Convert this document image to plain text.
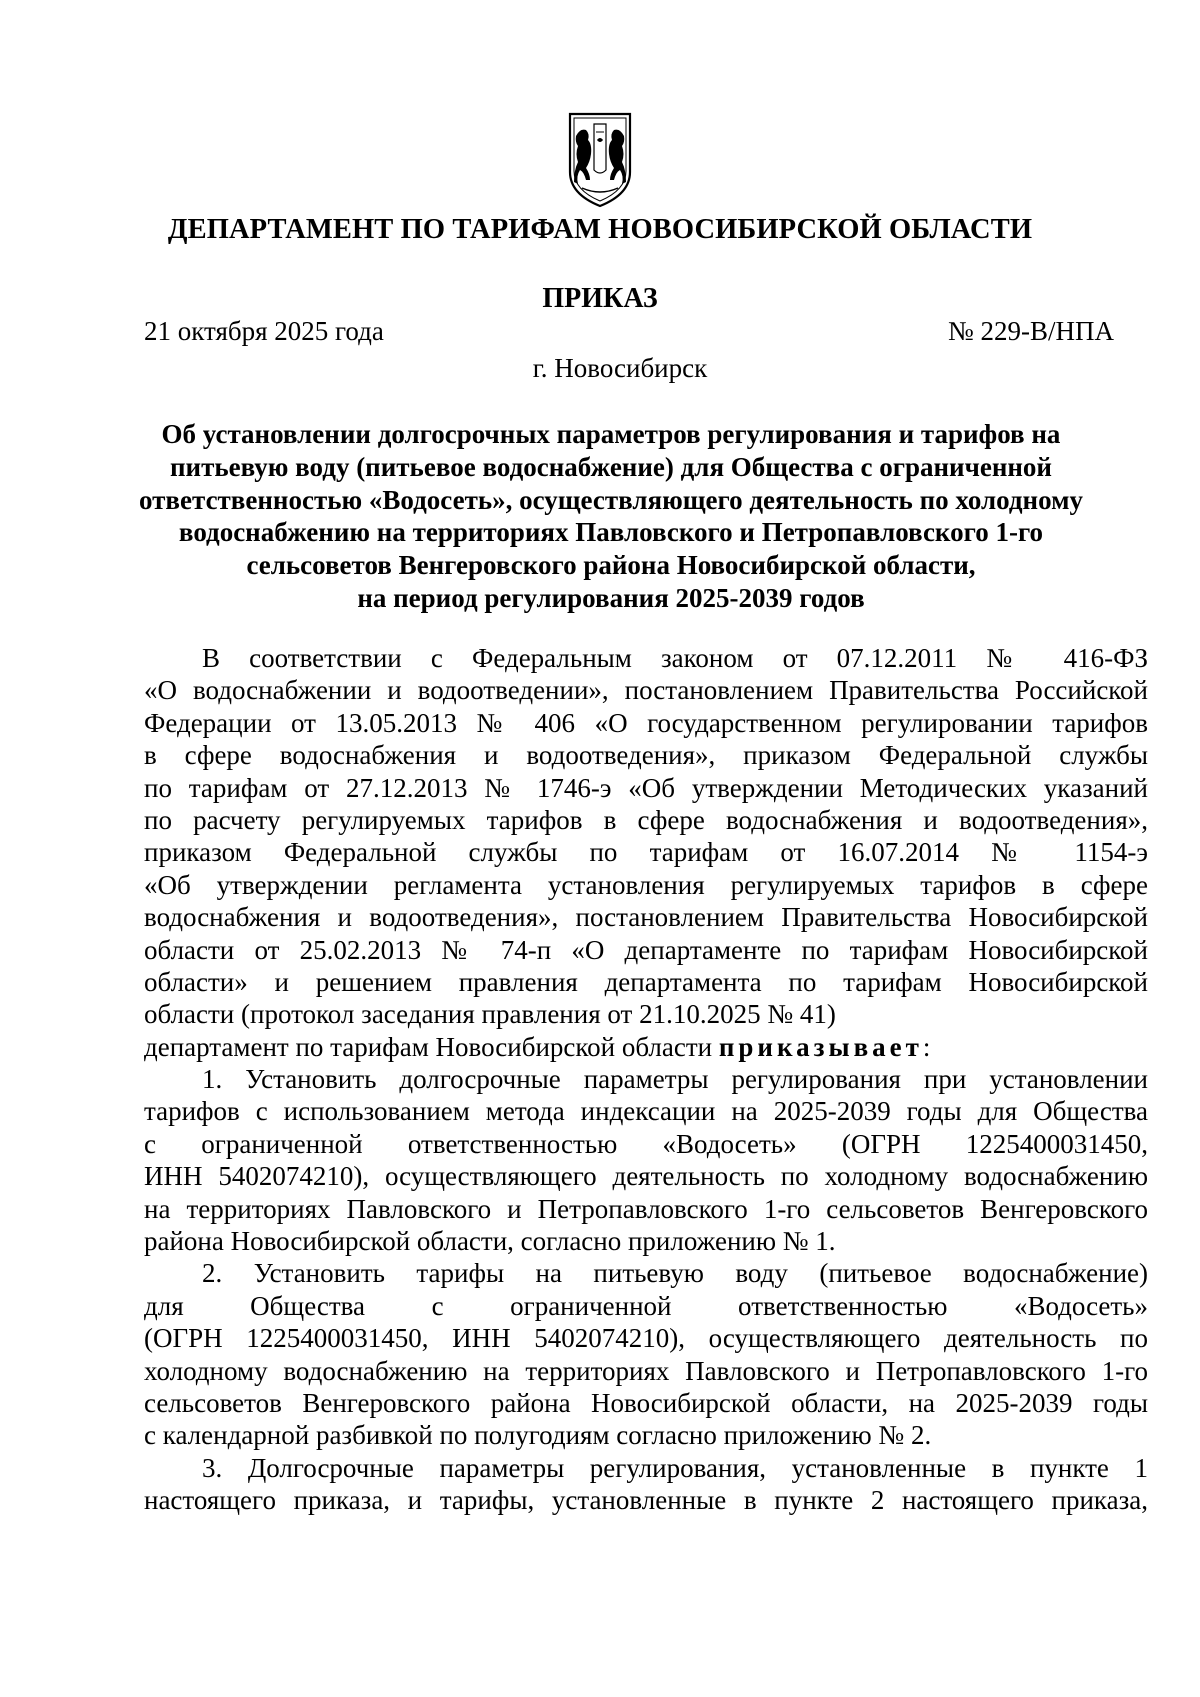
ДЕПАРТАМЕНТ ПО ТАРИФАМ НОВОСИБИРСКОЙ ОБЛАСТИ
ПРИКАЗ
21 октября 2025 года	№ 229-В/НПА
г. Новосибирск
Об установлении долгосрочных параметров регулирования и тарифов на
питьевую воду (питьевое водоснабжение) для Общества с ограниченной
ответственностью «Водосеть», осуществляющего деятельность по холодному
водоснабжению на территориях Павловского и Петропавловского 1-го
сельсоветов Венгеровского района Новосибирской области,
на период регулирования 2025-2039 годов
В соответствии с Федеральным законом от 07.12.2011 № 416-ФЗ
«О водоснабжении и водоотведении», постановлением Правительства Российской
Федерации от 13.05.2013 № 406 «О государственном регулировании тарифов
в сфере водоснабжения и водоотведения», приказом Федеральной службы
по тарифам от 27.12.2013 № 1746-э «Об утверждении Методических указаний
по расчету регулируемых тарифов в сфере водоснабжения и водоотведения»,
приказом Федеральной службы по тарифам от 16.07.2014 № 1154-э
«Об утверждении регламента установления регулируемых тарифов в сфере
водоснабжения и водоотведения», постановлением Правительства Новосибирской
области от 25.02.2013 № 74-п «О департаменте по тарифам Новосибирской
области» и решением правления департамента по тарифам Новосибирской
области (протокол заседания правления от 21.10.2025 № 41)
департамент по тарифам Новосибирской области приказывает:
1. Установить долгосрочные параметры регулирования при установлении
тарифов с использованием метода индексации на 2025-2039 годы для Общества
с ограниченной ответственностью «Водосеть» (ОГРН 1225400031450,
ИНН 5402074210), осуществляющего деятельность по холодному водоснабжению
на территориях Павловского и Петропавловского 1-го сельсоветов Венгеровского
района Новосибирской области, согласно приложению № 1.
2. Установить тарифы на питьевую воду (питьевое водоснабжение)
для Общества с ограниченной ответственностью «Водосеть»
(ОГРН 1225400031450, ИНН 5402074210), осуществляющего деятельность по
холодному водоснабжению на территориях Павловского и Петропавловского 1-го
сельсоветов Венгеровского района Новосибирской области, на 2025-2039 годы
с календарной разбивкой по полугодиям согласно приложению № 2.
3. Долгосрочные параметры регулирования, установленные в пункте 1
настоящего приказа, и тарифы, установленные в пункте 2 настоящего приказа,
